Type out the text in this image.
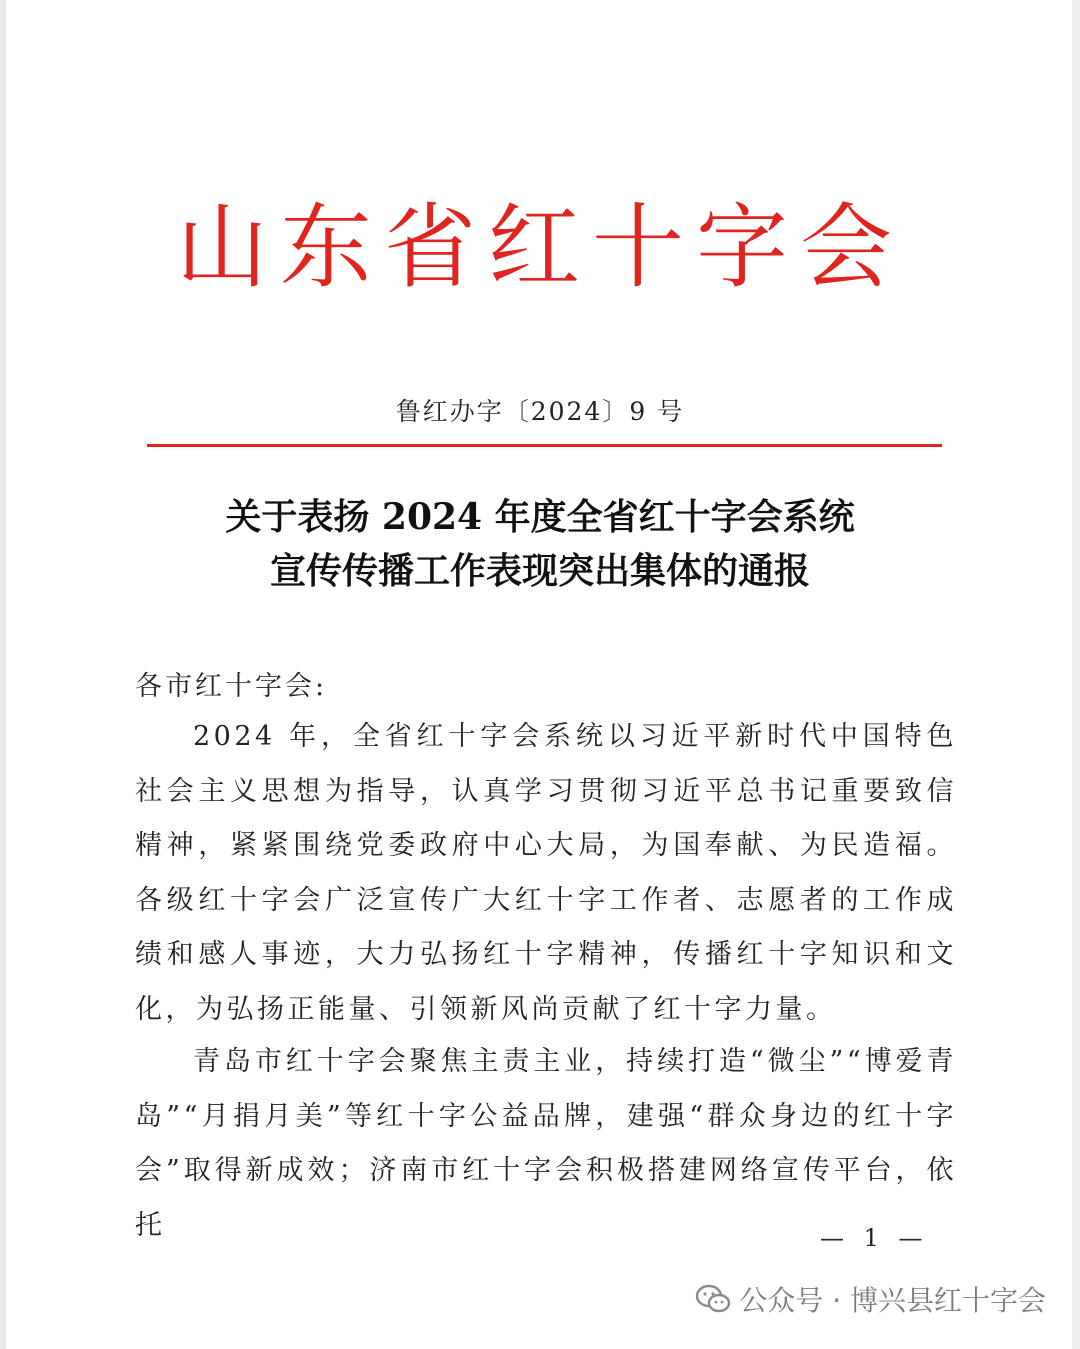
山东省红十字会
鲁红办字〔2024〕9 号
关于表扬 2024 年度全省红十字会系统
宣传传播工作表现突出集体的通报
各市红十字会:
2024 年，全省红十字会系统以习近平新时代中国特色社会主义思想为指导，认真学习贯彻习近平总书记重要致信精神，紧紧围绕党委政府中心大局，为国奉献、为民造福。各级红十字会广泛宣传广大红十字工作者、志愿者的工作成绩和感人事迹，大力弘扬红十字精神，传播红十字知识和文化，为弘扬正能量、引领新风尚贡献了红十字力量。
青岛市红十字会聚焦主责主业，持续打造“微尘”“博爱青岛”“月捐月美”等红十字公益品牌，建强“群众身边的红十字会”取得新成效；济南市红十字会积极搭建网络宣传平台，依托	— 1 —
公众号 · 博兴县红十字会
